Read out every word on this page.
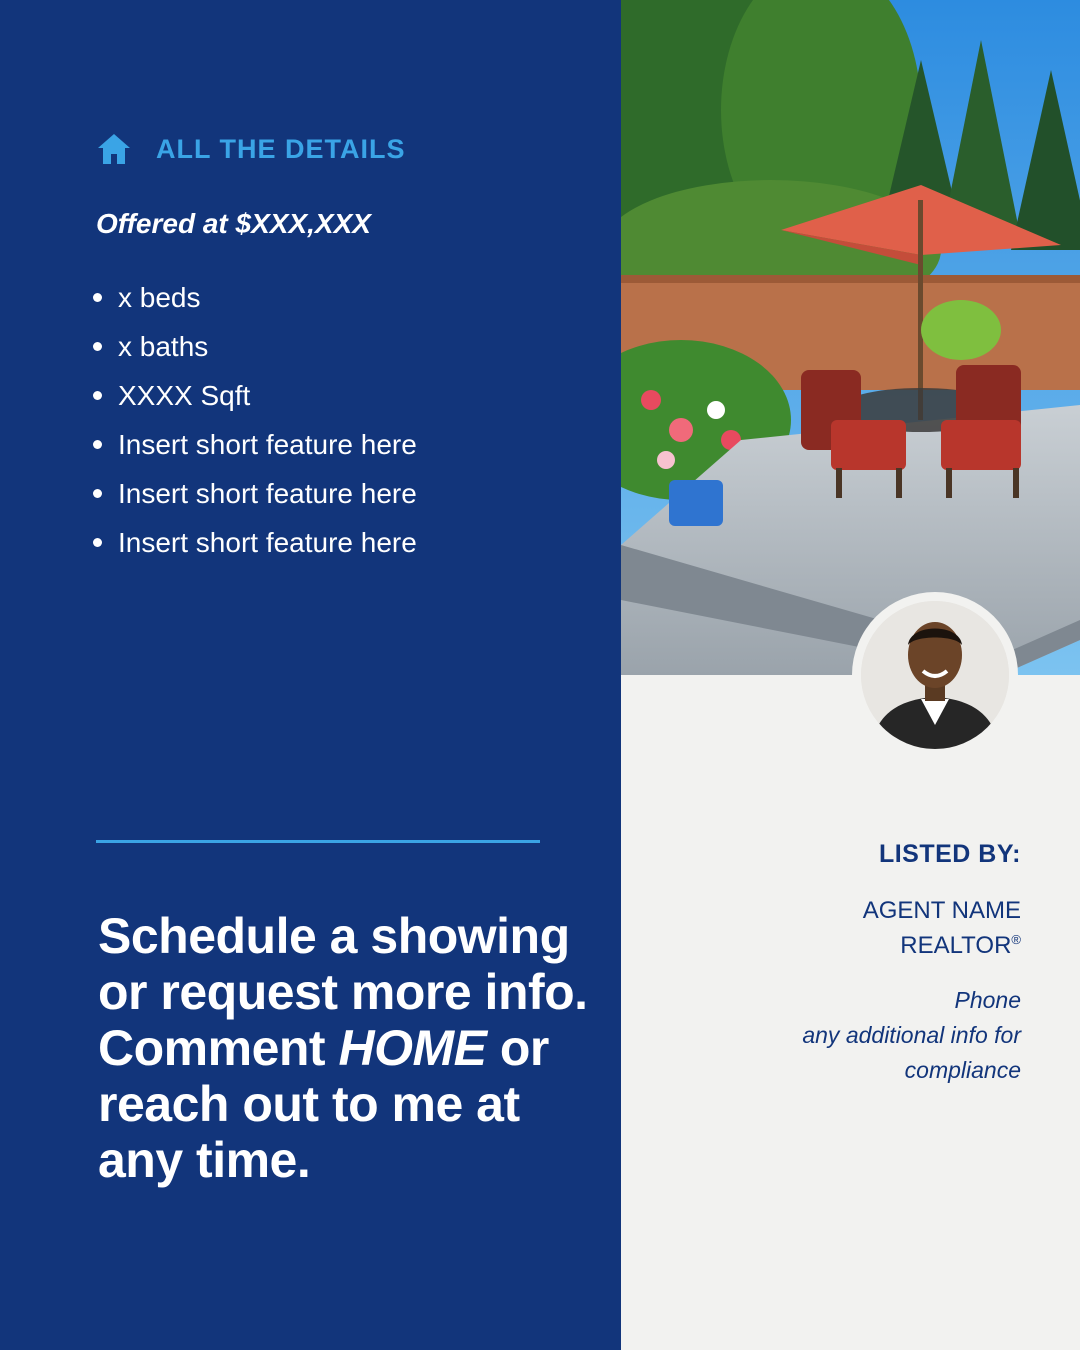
ALL THE DETAILS
Offered at $XXX,XXX
x beds
x baths
XXXX Sqft
Insert short feature here
Insert short feature here
Insert short feature here
Schedule a showing or request more info. Comment HOME or reach out to me at any time.
LISTED BY:
AGENT NAME
REALTOR®
Phone
any additional info for compliance
